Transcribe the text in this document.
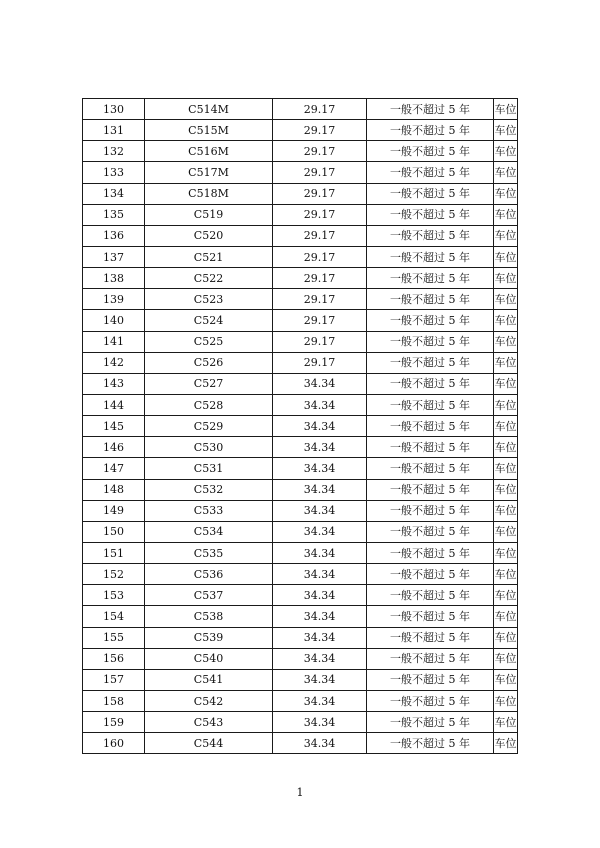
130	C514M	29.17	一般不超过 5 年	车位
131	C515M	29.17	一般不超过 5 年	车位
132	C516M	29.17	一般不超过 5 年	车位
133	C517M	29.17	一般不超过 5 年	车位
134	C518M	29.17	一般不超过 5 年	车位
135	C519	29.17	一般不超过 5 年	车位
136	C520	29.17	一般不超过 5 年	车位
137	C521	29.17	一般不超过 5 年	车位
138	C522	29.17	一般不超过 5 年	车位
139	C523	29.17	一般不超过 5 年	车位
140	C524	29.17	一般不超过 5 年	车位
141	C525	29.17	一般不超过 5 年	车位
142	C526	29.17	一般不超过 5 年	车位
143	C527	34.34	一般不超过 5 年	车位
144	C528	34.34	一般不超过 5 年	车位
145	C529	34.34	一般不超过 5 年	车位
146	C530	34.34	一般不超过 5 年	车位
147	C531	34.34	一般不超过 5 年	车位
148	C532	34.34	一般不超过 5 年	车位
149	C533	34.34	一般不超过 5 年	车位
150	C534	34.34	一般不超过 5 年	车位
151	C535	34.34	一般不超过 5 年	车位
152	C536	34.34	一般不超过 5 年	车位
153	C537	34.34	一般不超过 5 年	车位
154	C538	34.34	一般不超过 5 年	车位
155	C539	34.34	一般不超过 5 年	车位
156	C540	34.34	一般不超过 5 年	车位
157	C541	34.34	一般不超过 5 年	车位
158	C542	34.34	一般不超过 5 年	车位
159	C543	34.34	一般不超过 5 年	车位
160	C544	34.34	一般不超过 5 年	车位
1
